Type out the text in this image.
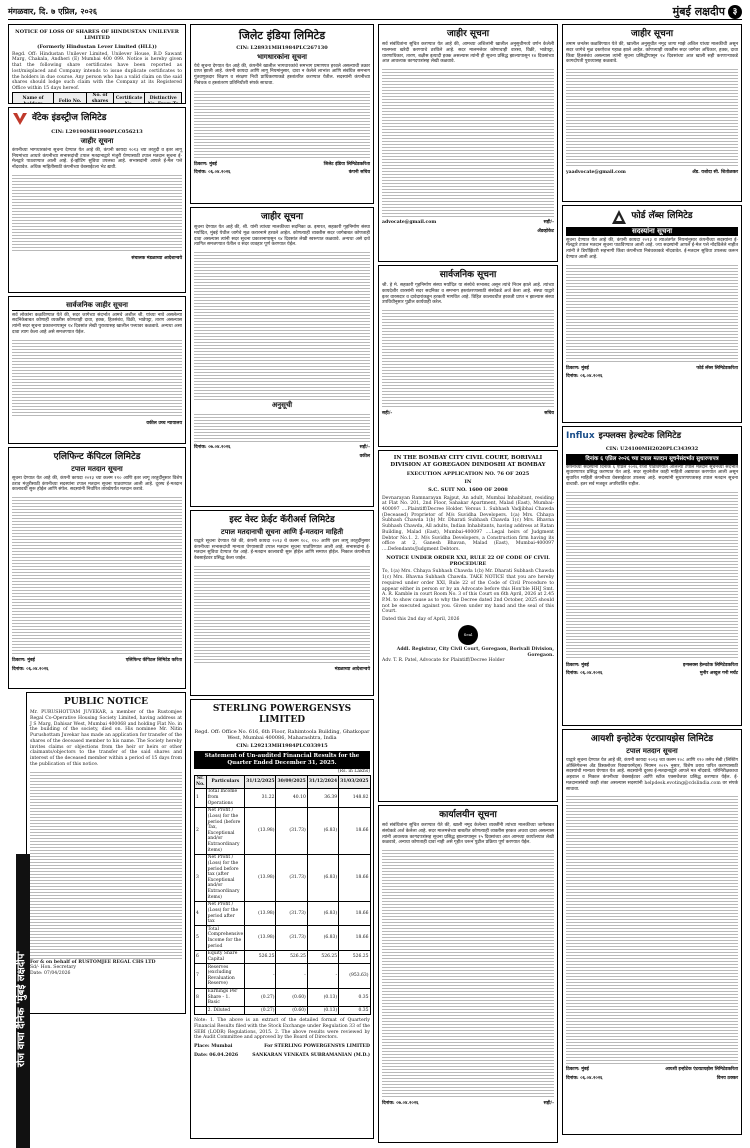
मंगळवार, दि. ७ एप्रिल, २०२६	मुंबई लक्षदीप ३
NOTICE OF LOSS OF SHARES OF HINDUSTAN UNILEVER LIMITED
(Formerly Hindustan Lever Limited (HLL))
Regd. Off: Hindustan Unilever Limited, Unilever House, B.D Sawant Marg, Chakala, Andheri (E) Mumbai 400 099. Notice is hereby given that the following share certificates have been reported as lost/misplaced and Company intends to issue duplicate certificates to the holders in due course. Any person who has a valid claim on the said shares should lodge such claim with the Company at its Registered Office within 15 days hereof.
Name of	Folio No.	No. of shares	Certificate	Distinctive

वॅटेक इंडस्ट्रीज लिमिटेड
CIN: L29190MH1990PLC056213
जाहीर सूचना
कंपनीच्या भागधारकांना सूचना देण्यात येत आहे की, कंपनी कायदा २०१३ च्या तरतुदी व इतर लागू नियमांच्या आधारे कंपनीच्या सभासदांची टपाल मतदानाद्वारे मंजुरी घेण्यासाठी टपाल मतदान सूचना ई-मेलद्वारे पाठवण्यात आली आहे. ई-व्होटिंग सुविधा उपलब्ध आहे. सभासदांनी आपले ई-मेल पत्ते नोंदवावेत. अधिक माहितीसाठी कंपनीच्या वेबसाईटला भेट द्यावी.
संचालक मंडळाच्या आदेशान्वये
सार्वजनिक जाहीर सूचना
सर्व लोकांना कळविण्यात येते की, सदर जागेच्या संदर्भात आमचे अशील श्री. यांच्या नावे असलेल्या सदनिकेबाबत कोणाही व्यक्तीस कोणताही दावा, हक्क, हितसंबंध, विक्री, भाडेपट्टा, तारण असल्यास त्यांनी सदर सूचना प्रकाशनापासून १४ दिवसांत लेखी पुराव्यासह खालील पत्त्यावर कळवावे. अन्यथा असा दावा त्याग केला आहे असे समजण्यात येईल.
वकील उच्च न्यायालय
एलिफिन्ट कॅपिटल लिमिटेड
टपाल मतदान सूचना
सूचना देण्यात येत आहे की, कंपनी कायदा २०१३ च्या कलम ११० आणि इतर लागू तरतुदींनुसार विशेष ठराव मंजुरीसाठी कंपनीच्या सदस्यांना टपाल मतदान सूचना पाठवण्यात आली आहे. दूरस्थ ई-मतदान कालावधी सुरू होईल आणि संपेल. सदस्यांनी निर्धारित तारखेपर्यंत मतदान करावे.
ठिकाण: मुंबई	एलिफिन्ट कॅपिटल लिमिटेड करिता
दिनांक: ०६.०४.२०२६
रोज वाचा दैनिक 'मुंबई लक्षदीप'
PUBLIC NOTICE
Mr. PURUSHOTTAM JUVEKAR, a member of the Rustomjee Regal Co-Operative Housing Society Limited, having address at J S Marg, Dahisar West, Mumbai 400068 and holding Flat No. in the building of the society, died on. His nominee Mr. Nitin Purushottam Juvekar has made an application for transfer of the shares of the deceased member to his name. The Society hereby invites claims or objections from the heir or heirs or other claimants/objectors to the transfer of the said shares and interest of the deceased member within a period of 15 days from the publication of this notice.
For & on behalf of RUSTOMJEE REGAL CHS LTD
Sd/- Hon. Secretary
Date: 07/04/2026
जिलेट इंडिया लिमिटेड
CIN: L28931MH1984PLC267130
भागधारकांना सूचना
येथे सूचना देण्यात येत आहे की, कंपनीने खालील भागधारकांचे समभाग प्रमाणपत्र हरवले असल्याची तक्रार प्राप्त झाली आहे. कंपनी कायदा आणि लागू नियमांनुसार, दावा न केलेले लाभांश आणि संबंधित समभाग गुंतवणूकदार शिक्षण व संरक्षण निधी प्राधिकरणाकडे हस्तांतरित करण्यात येतील. सदस्यांनी कंपनीच्या निबंधक व हस्तांतरण प्रतिनिधीशी संपर्क साधावा.
ठिकाण: मुंबई	जिलेट इंडिया लिमिटेडकरिता
दिनांक: ०६.०४.२०२६	कंपनी सचिव
जाहीर सूचना
सूचना देण्यात येत आहे की, श्री. यांनी त्यांच्या मालकीच्या सदनिका क्र. इमारत, सहकारी गृहनिर्माण संस्था मर्यादित, मुंबई येथील जागेचे मूळ करारनामे हरवले आहेत. कोणत्याही व्यक्तीस सदर जागेबाबत कोणताही दावा असल्यास त्यांनी सदर सूचना प्रकाशनापासून १४ दिवसांत लेखी स्वरूपात कळवावे. अन्यथा असे दावे त्यागित समजण्यात येतील व सदर व्यवहार पूर्ण करण्यात येईल.
अनुसूची
दिनांक: ०७.०४.२०२६	सही/-
वकील
इस्ट वेस्ट फ्रेईट कॅरीअर्स लिमिटेड
टपाल मतदानाची सूचना आणि ई-मतदान माहिती
याद्वारे सूचना देण्यात येते की, कंपनी कायदा २०१३ चे कलम १०८, ११० आणि इतर लागू तरतुदींनुसार कंपनीच्या सभासदांची मान्यता घेण्यासाठी टपाल मतदान सूचना पाठविण्यात आली आहे. सभासदांना ई-मतदान सुविधा देण्यात येत आहे. ई-मतदान कालावधी सुरू होईल आणि समाप्त होईल. निकाल कंपनीच्या वेबसाईटवर प्रसिद्ध केला जाईल.
मंडळाच्या आदेशान्वये
STERLING POWERGENSYS LIMITED
Regd. Off: Office No. 616, 6th Floor, Rahimtoola Building, Ghatkopar West, Mumbai 400086, Maharashtra, India
CIN: L29213MH1984PLC033915
Statement of Un-audited Financial Results for the Quarter Ended December 31, 2025.
(Rs. in Lakhs)
Sr. No.	Particulars	31/12/2025	30/09/2025	31/12/2024	31/03/2025
1	Total Income from Operations	31.22	40.10	36.39	148.82
2	Net Profit / (Loss) for the period (before Tax, Exceptional and/or Extraordinary items)	(13.98)	(31.73)	(6.83)	18.66
3	Net Profit / (Loss) for the period before tax (after Exceptional and/or Extraordinary items)	(13.98)	(31.73)	(6.83)	18.66
4	Net Profit / (Loss) for the period after tax	(13.98)	(31.73)	(6.83)	18.66
5	Total Comprehensive Income for the period	(13.98)	(31.73)	(6.83)	18.66
6	Equity Share Capital	526.25	526.25	526.25	526.25
7	Reserves (excluding Revaluation Reserve)	-	-	-	(953.63)
8	Earnings Per Share - 1. Basic	(0.27)	(0.60)	(0.13)	0.35
	2. Diluted	(0.27)	(0.60)	(0.13)	0.35
Note: 1. The above is an extract of the detailed format of Quarterly Financial Results filed with the Stock Exchange under Regulation 33 of the SEBI (LODR) Regulations, 2015. 2. The above results were reviewed by the Audit Committee and approved by the Board of Directors.
Place: Mumbai	For STERLING POWERGENSYS LIMITED
Date: 06.04.2026	SANKARAN VENKATA SUBRAMANIAN (M.D.)
जाहीर सूचना
सर्व संबंधितांना सूचित करण्यात येत आहे की, आमच्या अशिलांनी खालील अनुसूचीमध्ये वर्णन केलेली मालमत्ता खरेदी करण्याचे ठरविले आहे. सदर मालमत्तेवर कोणाचाही वारसा, विक्री, भाडेपट्टा, धारणाधिकार, तारण, बक्षीस इत्यादी हक्क असल्यास त्यांनी ही सूचना प्रसिद्ध झाल्यापासून १४ दिवसांच्या आत आवश्यक कागदपत्रांसह लेखी कळवावे.
advocate@gmail.com	सही/-
ॲडव्होकेट
सार्वजनिक सूचना
श्री. हे मे. सहकारी गृहनिर्माण संस्था मर्यादित या संस्थेचे सभासद असून त्यांचे निधन झाले आहे. त्यांच्या कायदेशीर वारसांनी सदर सदनिका व समभाग हस्तांतरणासाठी संस्थेकडे अर्ज केला आहे. संस्था याद्वारे इतर वारसदार व दावेदारांकडून हरकती मागवित आहे. विहित कालावधीत हरकती प्राप्त न झाल्यास संस्था उपविधीनुसार पुढील कार्यवाही करेल.
सही/-	सचिव
IN THE BOMBAY CITY CIVIL COURT, BORIVALI DIVISION AT GOREGAON DINDOSHI AT BOMBAY
EXECUTION APPLICATION NO. 76 OF 2025
IN
S.C. SUIT NO. 1600 OF 2008
Devnarayan Ramnarayan Rajput, An adult, Mumbai Inhabitant, residing at Flat No. 201, 2nd Floor, Sahakar Apartment, Malad (East), Mumbai-400097 ....Plaintiff/Decree Holder. Versus 1. Subhash Vadjibhai Chawda (Deceased) Proprietor of M/s Suvidha Developers. 1(a) Mrs. Chhaya Subhash Chawda 1(b) Mr. Dharati Subhash Chawda 1(c) Mrs. Bhavna Subhash Chawda, All adults, Indian Inhabitants, having address at Ratan Building, Malad (East), Mumbai-400097 ....Legal heirs of Judgment Debtor No.1. 2. M/s Suvidha Developers, a Construction firm having its office at 2, Ganesh Bhavan, Malad (East), Mumbai-400097 ....Defendants/Judgment Debtors.
NOTICE UNDER ORDER XXI, RULE 22 OF CODE OF CIVIL PROCEDURE
To, 1(a) Mrs. Chhaya Subhash Chawda 1(b) Mr. Dharati Subhash Chawda 1(c) Mrs. Bhavna Subhash Chawda. TAKE NOTICE that you are hereby required under order XXI, Rule 22 of the Code of Civil Procedure to appear either in person or by an Advocate before this Hon'ble HHJ Smt. A. R. Kamble in court Room No. 3 of this Court on 6th April, 2026 at 2.45 P.M. to show cause as to why the Decree dated 2nd October, 2025 should not be executed against you. Given under my hand and the seal of this Court.
Dated this 2nd day of April, 2026
Seal
Addl. Registrar, City Civil Court, Goregaon, Borivali Division, Goregaon.
Adv. T. R. Patel, Advocate for Plaintiff/Decree Holder
कार्यालयीन सूचना
सर्व संबंधितांना सूचित करण्यात येते की, खाली नमूद केलेल्या व्यक्तींनी त्यांच्या मालकीच्या जागेबाबत संस्थेकडे अर्ज केलेला आहे. सदर मालमत्तेच्या बाबतीत कोणत्याही व्यक्तीस हरकत अथवा दावा असल्यास त्यांनी आवश्यक कागदपत्रांसह सूचना प्रसिद्ध झाल्यापासून १५ दिवसांच्या आत आमच्या कार्यालयात लेखी कळवावे, अन्यथा कोणताही दावा नाही असे गृहीत धरून पुढील प्रक्रिया पूर्ण करण्यात येईल.
दिनांक: ०७.०४.२०२६	सही/-
जाहीर सूचना
तमाम जनतेस कळविण्यात येते की, खालील अनुसूचीत नमूद जागा माझे अशिल यांच्या मालकीची असून सदर जागेचे मूळ दस्तऐवज गहाळ झाले आहेत. कोणत्याही व्यक्तीस सदर जागेवर अधिकार, हक्क, दावा किंवा हितसंबंध असल्यास त्यांनी सूचना प्रसिद्धीपासून १४ दिवसांच्या आत खाली सही करणाऱ्याकडे कागदोपत्री पुराव्यासह कळवावे.
yaadvocate@gmail.com	ॲड. यशोदा सी. शितोळकर
फोर्ड लॅब्स लिमिटेड
सदस्यांना सूचना
सूचना देण्यात येत आहे की, कंपनी कायदा २०१३ व त्याअंतर्गत नियमांनुसार कंपनीच्या सदस्यांना ई-मेलद्वारे टपाल मतदान सूचना पाठविण्यात आली आहे. ज्या सदस्यांनी आपले ई-मेल पत्ते नोंदविलेले नाहीत त्यांनी ते डिपॉझिटरी सहभागी किंवा कंपनीच्या निबंधकाकडे नोंदवावेत. ई-मतदान सुविधा उपलब्ध करून देण्यात आली आहे.
ठिकाण: मुंबई	फोर्ड लॅब्स लिमिटेडकरिता
दिनांक: ०६.०४.२०२६
Influx इन्फ्लक्स हेल्थटेक लिमिटेड
CIN: U24100MH2020PLC343932
दिनांक ६ एप्रिल २०२६ च्या टपाल मतदान सूचनेसंदर्भात सुधारणापत्र
कंपनीच्या सदस्यांना दिनांक ६ एप्रिल २०२६ रोजी पाठविण्यात आलेल्या टपाल मतदान सूचनेच्या संदर्भात सुधारणापत्र प्रसिद्ध करण्यात येत आहे. सदर सूचनेतील काही माहिती अद्ययावत करण्यात आली असून सुधारित माहिती कंपनीच्या वेबसाईटवर उपलब्ध आहे. सदस्यांनी सुधारणापत्रासह टपाल मतदान सूचना वाचावी. इतर सर्व मजकूर अपरिवर्तित राहील.
ठिकाण: मुंबई	इन्फ्लक्स हेल्थटेक लिमिटेडकरिता
दिनांक: ०६.०४.२०२६	मुनीर अब्दुल गनी मर्चंट
आयशी इन्होटेक एंटरप्रायझेस लिमिटेड
टपाल मतदान सूचना
याद्वारे सूचना देण्यात येत आहे की, कंपनी कायदा २०१३ च्या कलम १०८ आणि ११० तसेच सेबी (लिस्टिंग ऑब्लिगेशन्स अँड डिस्क्लोजर रिक्वायरमेंट्स) नियमन २०१५ नुसार, विशेष ठराव पारित करण्यासाठी सदस्यांची मान्यता घेण्यात येत आहे. सदस्यांनी दूरस्थ ई-मतदानाद्वारे आपले मत नोंदवावे. परिनिरीक्षकाचा अहवाल व निकाल कंपनीच्या वेबसाईटवर आणि स्टॉक एक्सचेंजवर प्रसिद्ध करण्यात येईल. ई-मतदानासंबंधी काही शंका असल्यास सदस्यांनी helpdesk.evoting@cdslindia.com वर संपर्क साधावा.
ठिकाण: मुंबई	आयशी इन्होटेक एंटरप्रायझेस लिमिटेडकरिता
दिनांक: ०६.०४.२०२६	विनय ठक्कर
